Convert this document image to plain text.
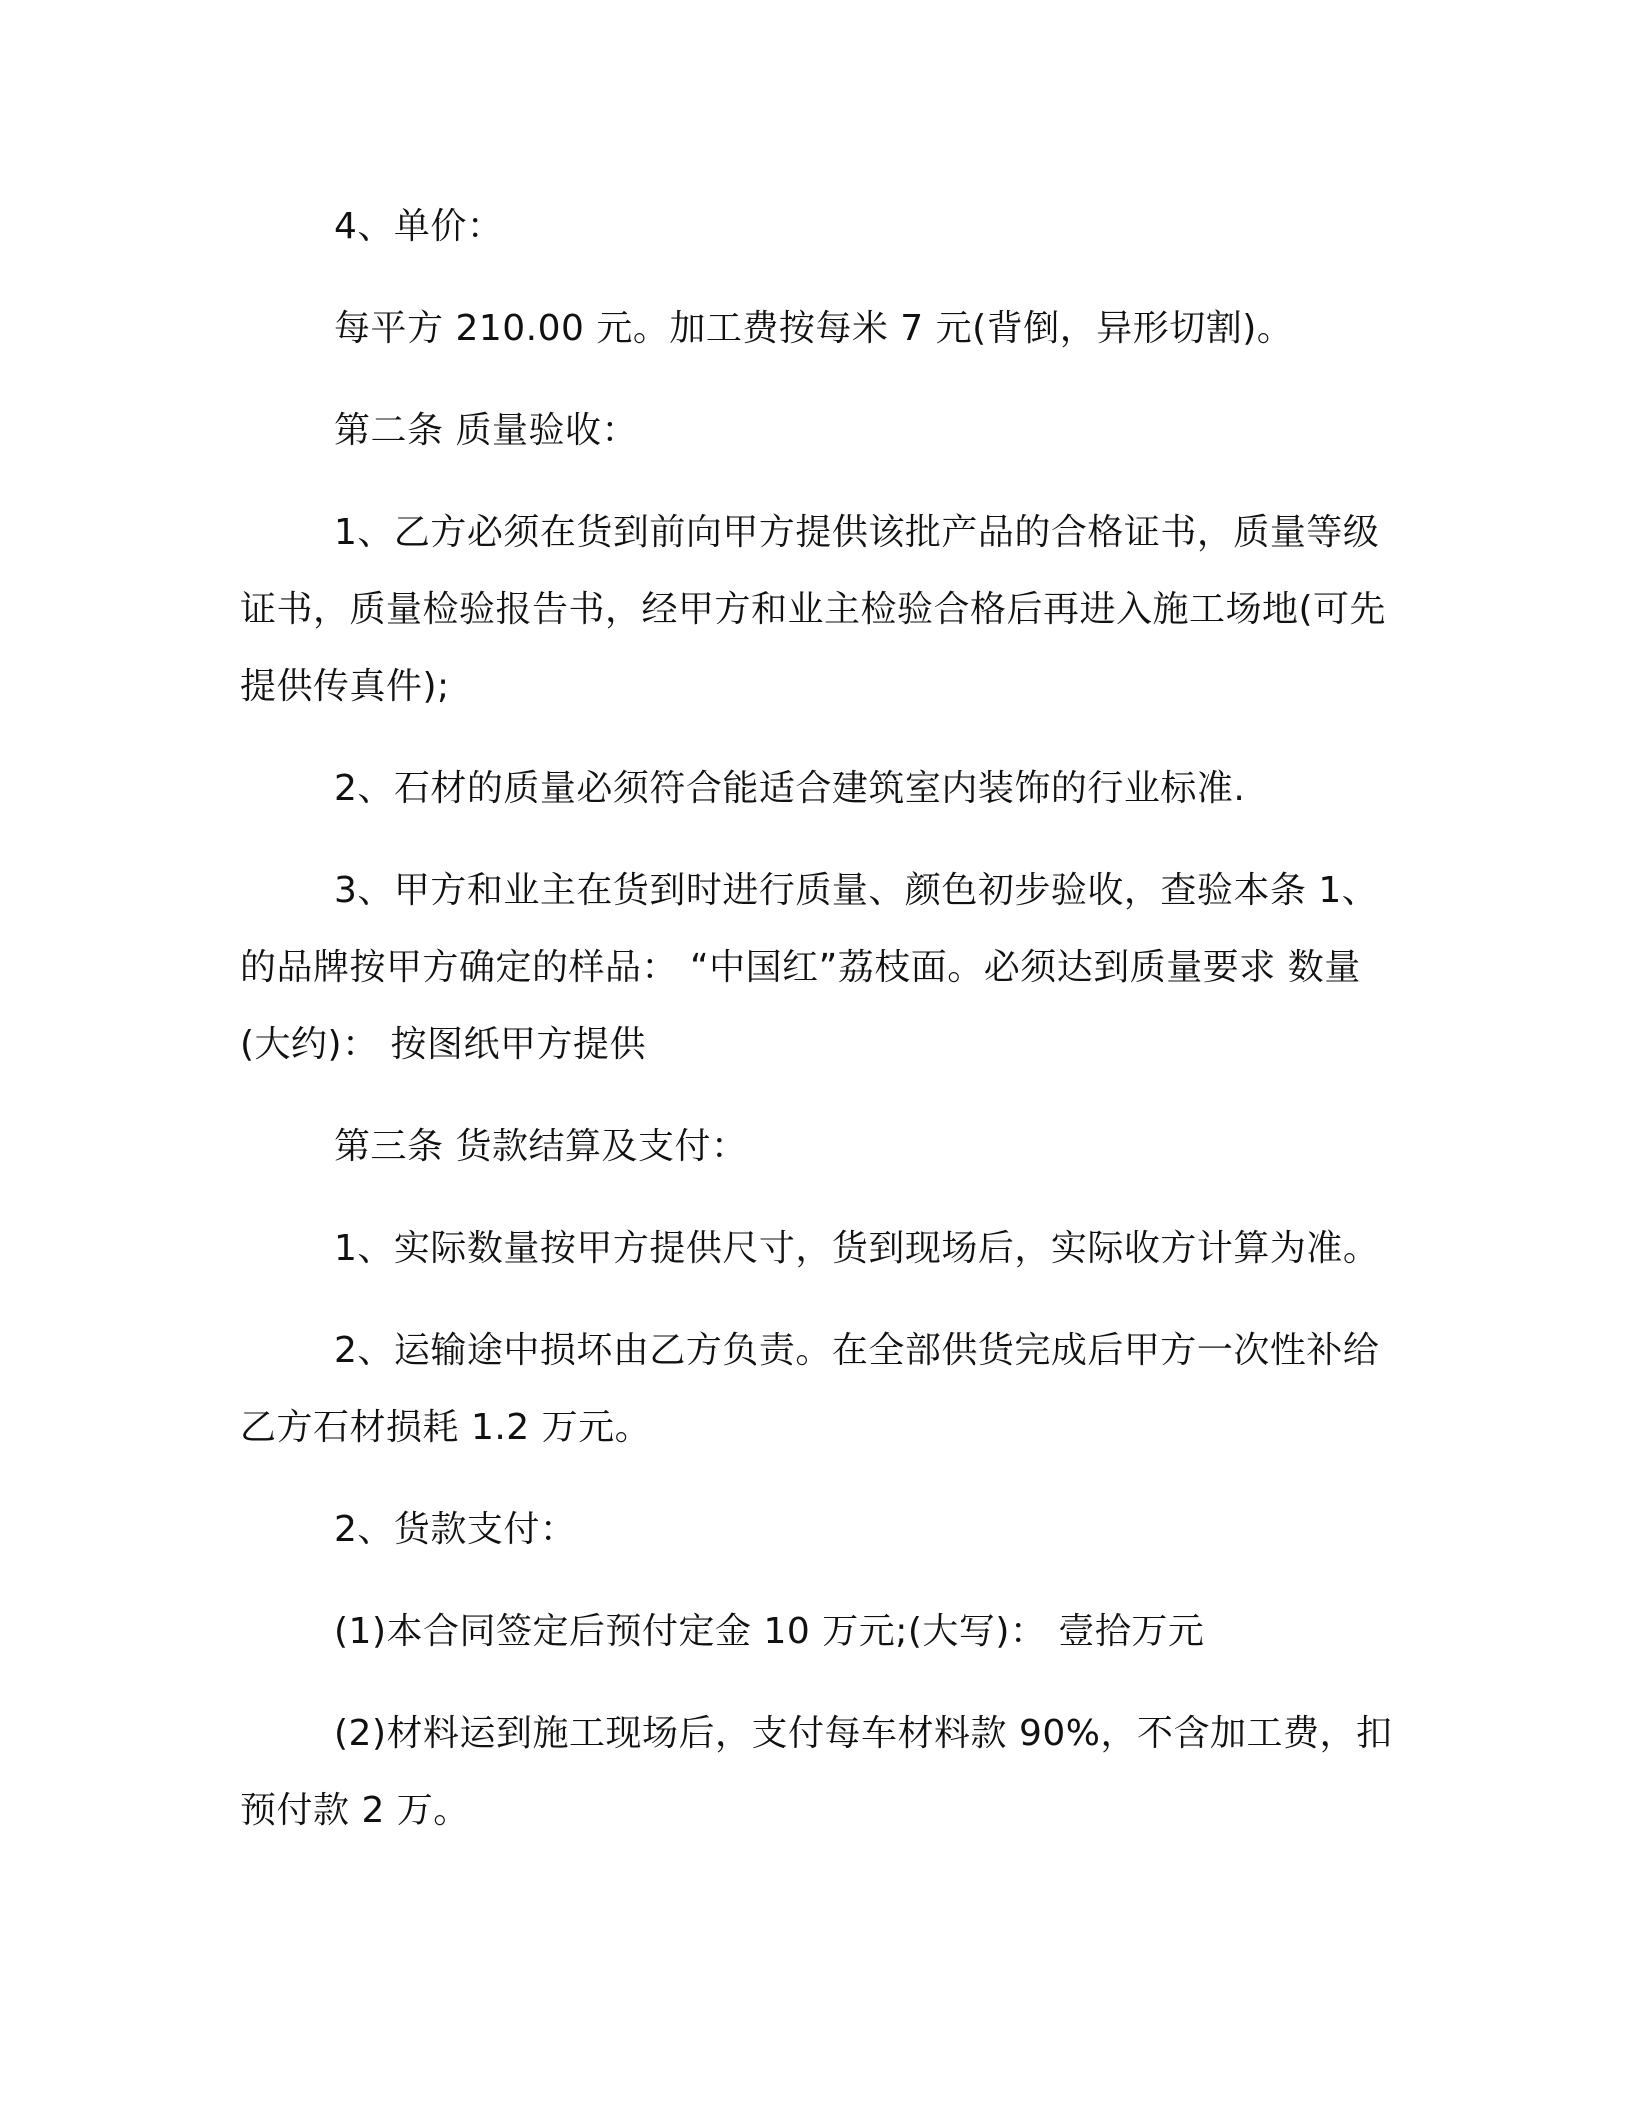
4、单价：

每平方 210.00 元。加工费按每米 7 元(背倒，异形切割)。

第二条 质量验收：

1、乙方必须在货到前向甲方提供该批产品的合格证书，质量等级证书，质量检验报告书，经甲方和业主检验合格后再进入施工场地(可先提供传真件);

2、石材的质量必须符合能适合建筑室内装饰的行业标准.

3、甲方和业主在货到时进行质量、颜色初步验收，查验本条 1、的品牌按甲方确定的样品： “中国红”荔枝面。必须达到质量要求 数量(大约)： 按图纸甲方提供

第三条 货款结算及支付：

1、实际数量按甲方提供尺寸，货到现场后，实际收方计算为准。

2、运输途中损坏由乙方负责。在全部供货完成后甲方一次性补给乙方石材损耗 1.2 万元。

2、货款支付：

(1)本合同签定后预付定金 10 万元;(大写)： 壹拾万元

(2)材料运到施工现场后，支付每车材料款 90%，不含加工费，扣预付款 2 万。
